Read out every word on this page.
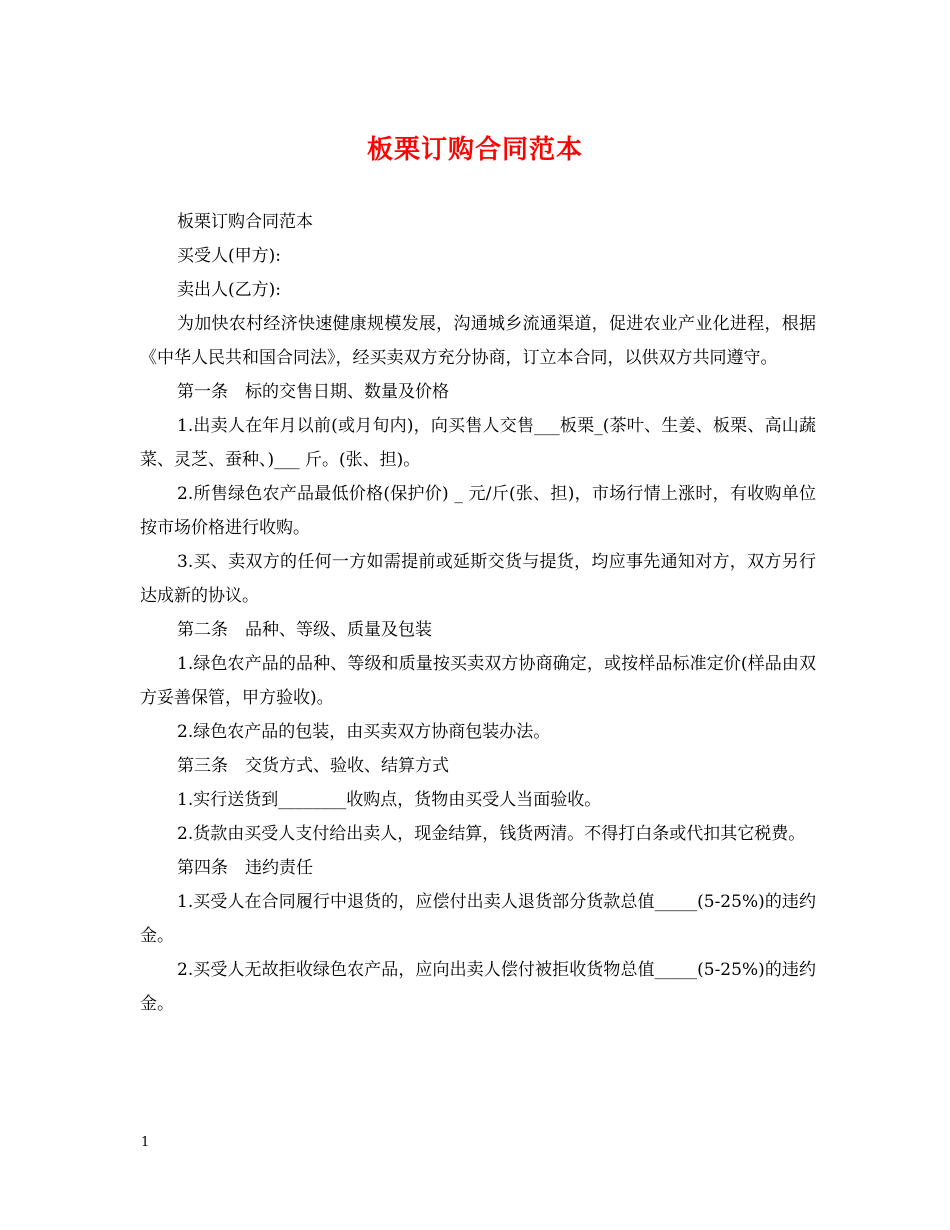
板栗订购合同范本

板栗订购合同范本

买受人(甲方):

卖出人(乙方):

为加快农村经济快速健康规模发展，沟通城乡流通渠道，促进农业产业化进程，根据《中华人民共和国合同法》，经买卖双方充分协商，订立本合同，以供双方共同遵守。

第一条　标的交售日期、数量及价格

1.出卖人在年月以前(或月旬内)，向买售人交售___板栗_(茶叶、生姜、板栗、高山蔬菜、灵芝、蚕种、)___ 斤。(张、担)。

2.所售绿色农产品最低价格(保护价) _ 元/斤(张、担)，市场行情上涨时，有收购单位按市场价格进行收购。

3.买、卖双方的任何一方如需提前或延斯交货与提货，均应事先通知对方，双方另行达成新的协议。

第二条　品种、等级、质量及包装

1.绿色农产品的品种、等级和质量按买卖双方协商确定，或按样品标准定价(样品由双方妥善保管，甲方验收)。

2.绿色农产品的包装，由买卖双方协商包装办法。

第三条　交货方式、验收、结算方式

1.实行送货到________收购点，货物由买受人当面验收。

2.货款由买受人支付给出卖人，现金结算，钱货两清。不得打白条或代扣其它税费。

第四条　违约责任

1.买受人在合同履行中退货的，应偿付出卖人退货部分货款总值_____(5-25%)的违约金。

2.买受人无故拒收绿色农产品，应向出卖人偿付被拒收货物总值_____(5-25%)的违约金。

1
